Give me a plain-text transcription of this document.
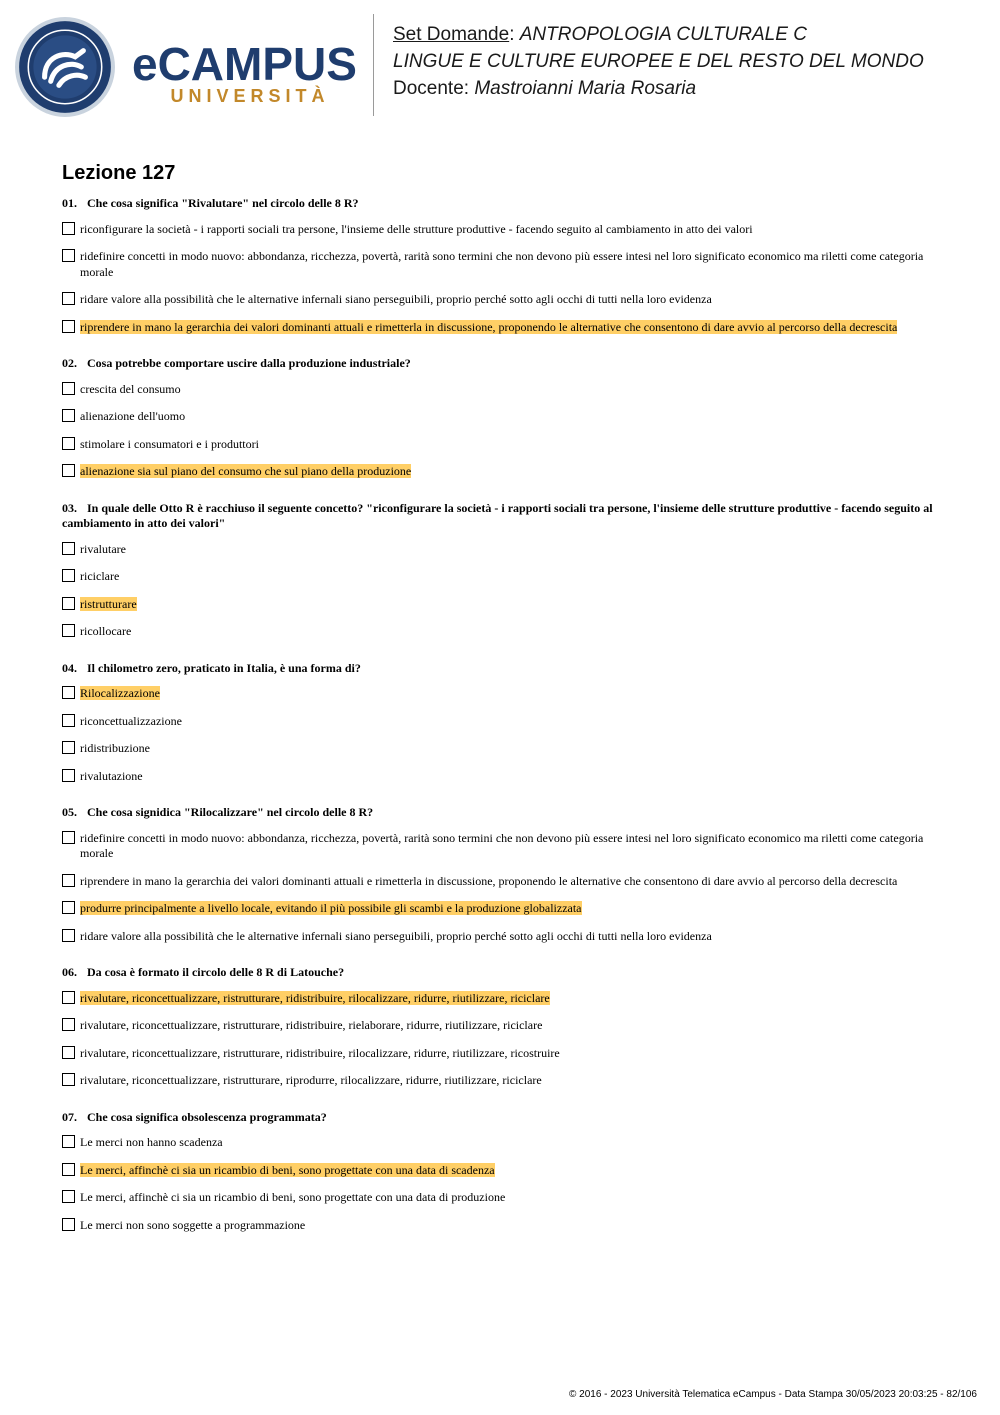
eCAMPUS
UNIVERSITÀ
Set Domande: ANTROPOLOGIA CULTURALE C
LINGUE E CULTURE EUROPEE E DEL RESTO DEL MONDO
Docente: Mastroianni Maria Rosaria
Lezione 127
01. Che cosa significa "Rivalutare" nel circolo delle 8 R?
riconfigurare la società - i rapporti sociali tra persone, l'insieme delle strutture produttive - facendo seguito al cambiamento in atto dei valori
ridefinire concetti in modo nuovo: abbondanza, ricchezza, povertà, rarità sono termini che non devono più essere intesi nel loro significato economico ma riletti come categoria morale
ridare valore alla possibilità che le alternative infernali siano perseguibili, proprio perché sotto agli occhi di tutti nella loro evidenza
riprendere in mano la gerarchia dei valori dominanti attuali e rimetterla in discussione, proponendo le alternative che consentono di dare avvio al percorso della decrescita
02. Cosa potrebbe comportare uscire dalla produzione industriale?
crescita del consumo
alienazione dell'uomo
stimolare i consumatori e i produttori
alienazione sia sul piano del consumo che sul piano della produzione
03. In quale delle Otto R è racchiuso il seguente concetto? "riconfigurare la società - i rapporti sociali tra persone, l'insieme delle strutture produttive - facendo seguito al cambiamento in atto dei valori"
rivalutare
riciclare
ristrutturare
ricollocare
04. Il chilometro zero, praticato in Italia, è una forma di?
Rilocalizzazione
riconcettualizzazione
ridistribuzione
rivalutazione
05. Che cosa signidica "Rilocalizzare" nel circolo delle 8 R?
ridefinire concetti in modo nuovo: abbondanza, ricchezza, povertà, rarità sono termini che non devono più essere intesi nel loro significato economico ma riletti come categoria morale
riprendere in mano la gerarchia dei valori dominanti attuali e rimetterla in discussione, proponendo le alternative che consentono di dare avvio al percorso della decrescita
produrre principalmente a livello locale, evitando il più possibile gli scambi e la produzione globalizzata
ridare valore alla possibilità che le alternative infernali siano perseguibili, proprio perché sotto agli occhi di tutti nella loro evidenza
06. Da cosa è formato il circolo delle 8 R di Latouche?
rivalutare, riconcettualizzare, ristrutturare, ridistribuire, rilocalizzare, ridurre, riutilizzare, riciclare
rivalutare, riconcettualizzare, ristrutturare, ridistribuire, rielaborare, ridurre, riutilizzare, riciclare
rivalutare, riconcettualizzare, ristrutturare, ridistribuire, rilocalizzare, ridurre, riutilizzare, ricostruire
rivalutare, riconcettualizzare, ristrutturare, riprodurre, rilocalizzare, ridurre, riutilizzare, riciclare
07. Che cosa significa obsolescenza programmata?
Le merci non hanno scadenza
Le merci, affinchè ci sia un ricambio di beni, sono progettate con una data di scadenza
Le merci, affinchè ci sia un ricambio di beni, sono progettate con una data di produzione
Le merci non sono soggette a programmazione
© 2016 - 2023 Università Telematica eCampus - Data Stampa 30/05/2023 20:03:25 - 82/106
